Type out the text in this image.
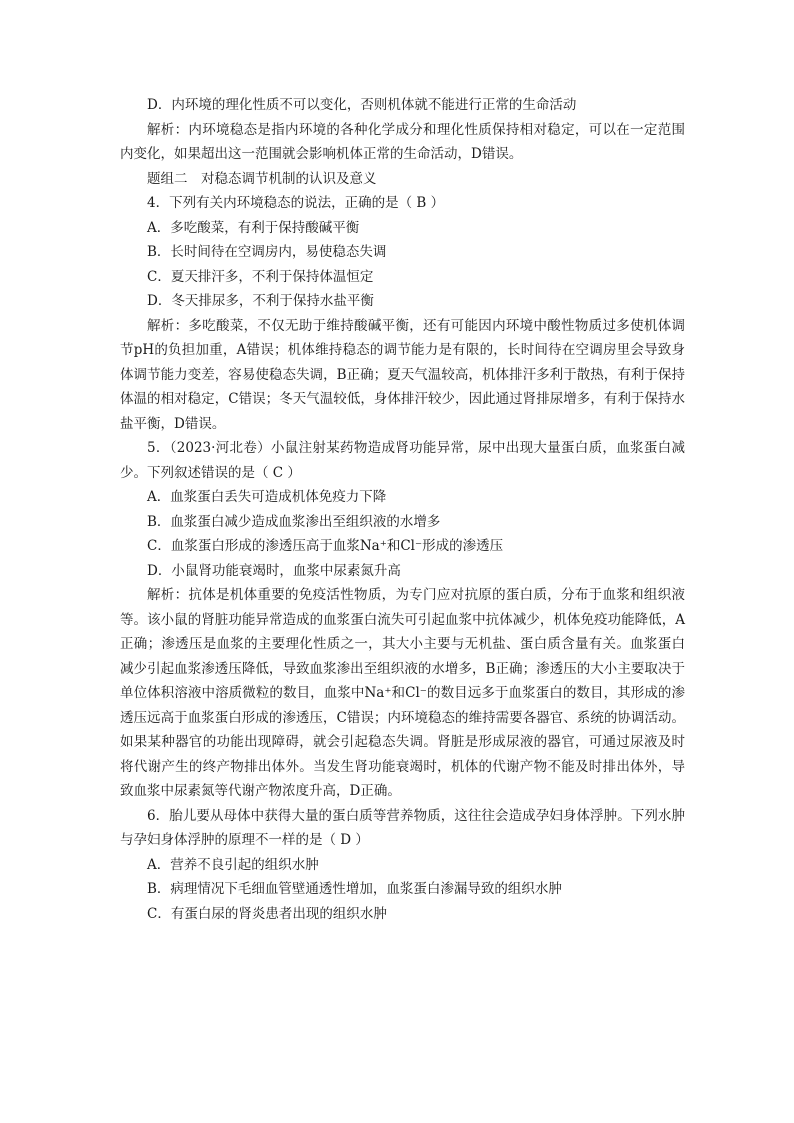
D．内环境的理化性质不可以变化，否则机体就不能进行正常的生命活动

解析：内环境稳态是指内环境的各种化学成分和理化性质保持相对稳定，可以在一定范围内变化，如果超出这一范围就会影响机体正常的生命活动，D错误。

题组二　对稳态调节机制的认识及意义

4．下列有关内环境稳态的说法，正确的是（ B ）

A．多吃酸菜，有利于保持酸碱平衡

B．长时间待在空调房内，易使稳态失调

C．夏天排汗多，不利于保持体温恒定

D．冬天排尿多，不利于保持水盐平衡

解析：多吃酸菜，不仅无助于维持酸碱平衡，还有可能因内环境中酸性物质过多使机体调节pH的负担加重，A错误；机体维持稳态的调节能力是有限的，长时间待在空调房里会导致身体调节能力变差，容易使稳态失调，B正确；夏天气温较高，机体排汗多利于散热，有利于保持体温的相对稳定，C错误；冬天气温较低，身体排汗较少，因此通过肾排尿增多，有利于保持水盐平衡，D错误。

5．（2023·河北卷）小鼠注射某药物造成肾功能异常，尿中出现大量蛋白质，血浆蛋白减少。下列叙述错误的是（ C ）

A．血浆蛋白丢失可造成机体免疫力下降

B．血浆蛋白减少造成血浆渗出至组织液的水增多

C．血浆蛋白形成的渗透压高于血浆Na⁺和Cl⁻形成的渗透压

D．小鼠肾功能衰竭时，血浆中尿素氮升高

解析：抗体是机体重要的免疫活性物质，为专门应对抗原的蛋白质，分布于血浆和组织液等。该小鼠的肾脏功能异常造成的血浆蛋白流失可引起血浆中抗体减少，机体免疫功能降低，A正确；渗透压是血浆的主要理化性质之一，其大小主要与无机盐、蛋白质含量有关。血浆蛋白减少引起血浆渗透压降低，导致血浆渗出至组织液的水增多，B正确；渗透压的大小主要取决于单位体积溶液中溶质微粒的数目，血浆中Na⁺和Cl⁻的数目远多于血浆蛋白的数目，其形成的渗透压远高于血浆蛋白形成的渗透压，C错误；内环境稳态的维持需要各器官、系统的协调活动。如果某种器官的功能出现障碍，就会引起稳态失调。肾脏是形成尿液的器官，可通过尿液及时将代谢产生的终产物排出体外。当发生肾功能衰竭时，机体的代谢产物不能及时排出体外，导致血浆中尿素氮等代谢产物浓度升高，D正确。

6．胎儿要从母体中获得大量的蛋白质等营养物质，这往往会造成孕妇身体浮肿。下列水肿与孕妇身体浮肿的原理不一样的是（ D ）

A．营养不良引起的组织水肿

B．病理情况下毛细血管壁通透性增加，血浆蛋白渗漏导致的组织水肿

C．有蛋白尿的肾炎患者出现的组织水肿
